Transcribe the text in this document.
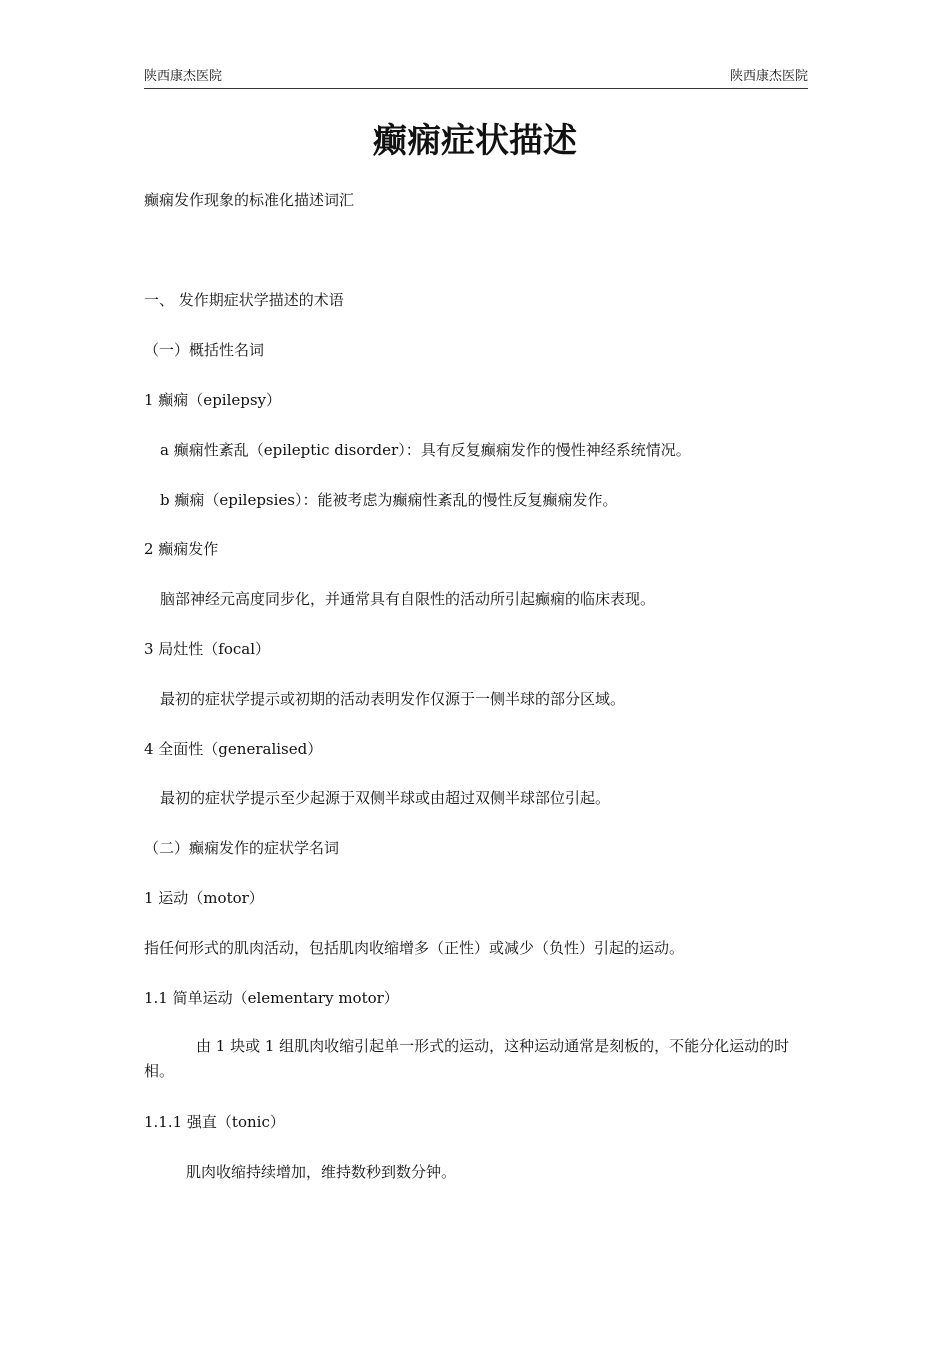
陕西康杰医院	陕西康杰医院
癫痫症状描述
癫痫发作现象的标准化描述词汇
一、 发作期症状学描述的术语
（一）概括性名词
1 癫痫（epilepsy）
a 癫痫性紊乱（epileptic disorder）：具有反复癫痫发作的慢性神经系统情况。
b 癫痫（epilepsies）：能被考虑为癫痫性紊乱的慢性反复癫痫发作。
2 癫痫发作
脑部神经元高度同步化，并通常具有自限性的活动所引起癫痫的临床表现。
3 局灶性（focal）
最初的症状学提示或初期的活动表明发作仅源于一侧半球的部分区域。
4 全面性（generalised）
最初的症状学提示至少起源于双侧半球或由超过双侧半球部位引起。
（二）癫痫发作的症状学名词
1 运动（motor）
指任何形式的肌肉活动，包括肌肉收缩增多（正性）或减少（负性）引起的运动。
1.1 简单运动（elementary motor）
由 1 块或 1 组肌肉收缩引起单一形式的运动，这种运动通常是刻板的，不能分化运动的时相。
1.1.1 强直（tonic）
肌肉收缩持续增加，维持数秒到数分钟。
